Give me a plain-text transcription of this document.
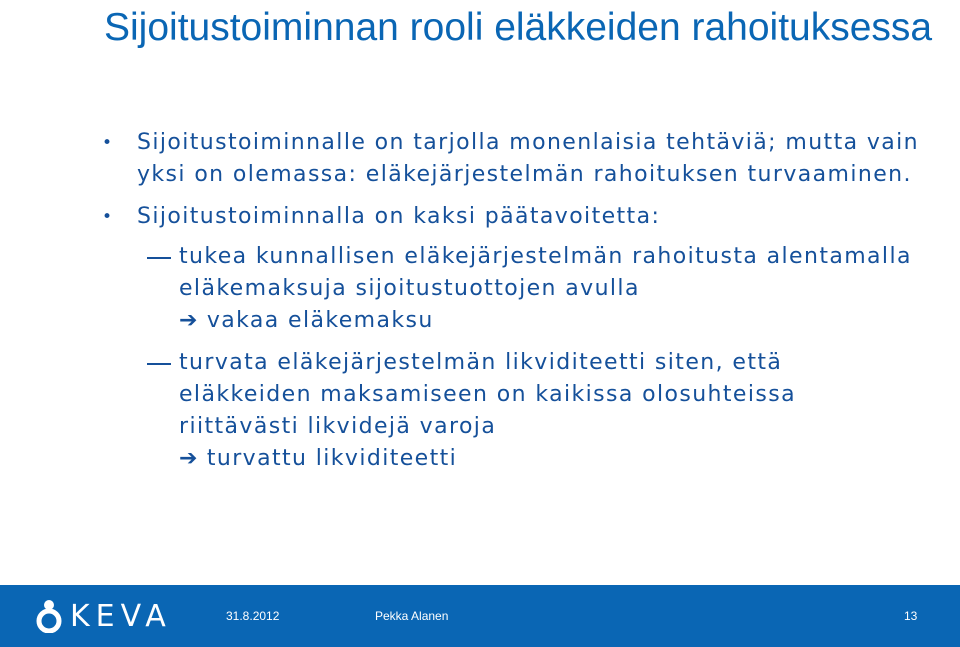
Sijoitustoiminnan rooli eläkkeiden rahoituksessa
• Sijoitustoiminnalle on tarjolla monenlaisia tehtäviä; mutta vain yksi on olemassa: eläkejärjestelmän rahoituksen turvaaminen.
• Sijoitustoiminnalla on kaksi päätavoitetta:
tukea kunnallisen eläkejärjestelmän rahoitusta alentamalla eläkemaksuja sijoitustuottojen avulla
➔ vakaa eläkemaksu
turvata eläkejärjestelmän likviditeetti siten, että eläkkeiden maksamiseen on kaikissa olosuhteissa riittävästi likvidejä varoja
➔ turvattu likviditeetti
KEVA	31.8.2012	Pekka Alanen	13
